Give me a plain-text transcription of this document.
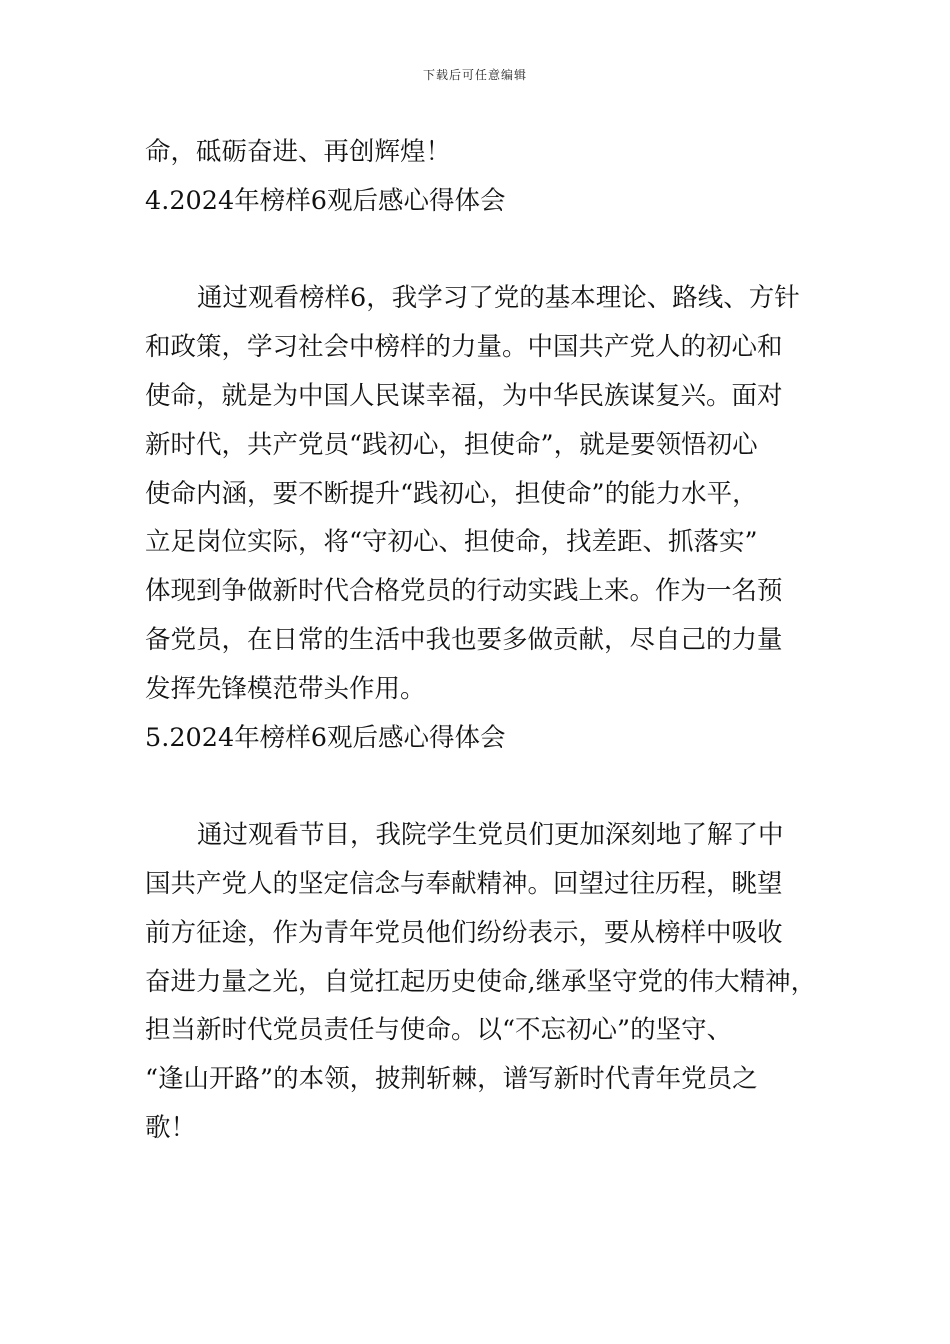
下载后可任意编辑
命，砥砺奋进、再创辉煌！
4.2024年榜样6观后感心得体会
通过观看榜样6，我学习了党的基本理论、路线、方针
和政策，学习社会中榜样的力量。中国共产党人的初心和
使命，就是为中国人民谋幸福，为中华民族谋复兴。面对
新时代，共产党员“践初心，担使命”，就是要领悟初心
使命内涵，要不断提升“践初心，担使命”的能力水平，
立足岗位实际，将“守初心、担使命，找差距、抓落实”
体现到争做新时代合格党员的行动实践上来。作为一名预
备党员，在日常的生活中我也要多做贡献，尽自己的力量
发挥先锋模范带头作用。
5.2024年榜样6观后感心得体会
通过观看节目，我院学生党员们更加深刻地了解了中
国共产党人的坚定信念与奉献精神。回望过往历程，眺望
前方征途，作为青年党员他们纷纷表示，要从榜样中吸收
奋进力量之光，自觉扛起历史使命,继承坚守党的伟大精神，
担当新时代党员责任与使命。以“不忘初心”的坚守、
“逢山开路”的本领，披荆斩棘，谱写新时代青年党员之
歌！
